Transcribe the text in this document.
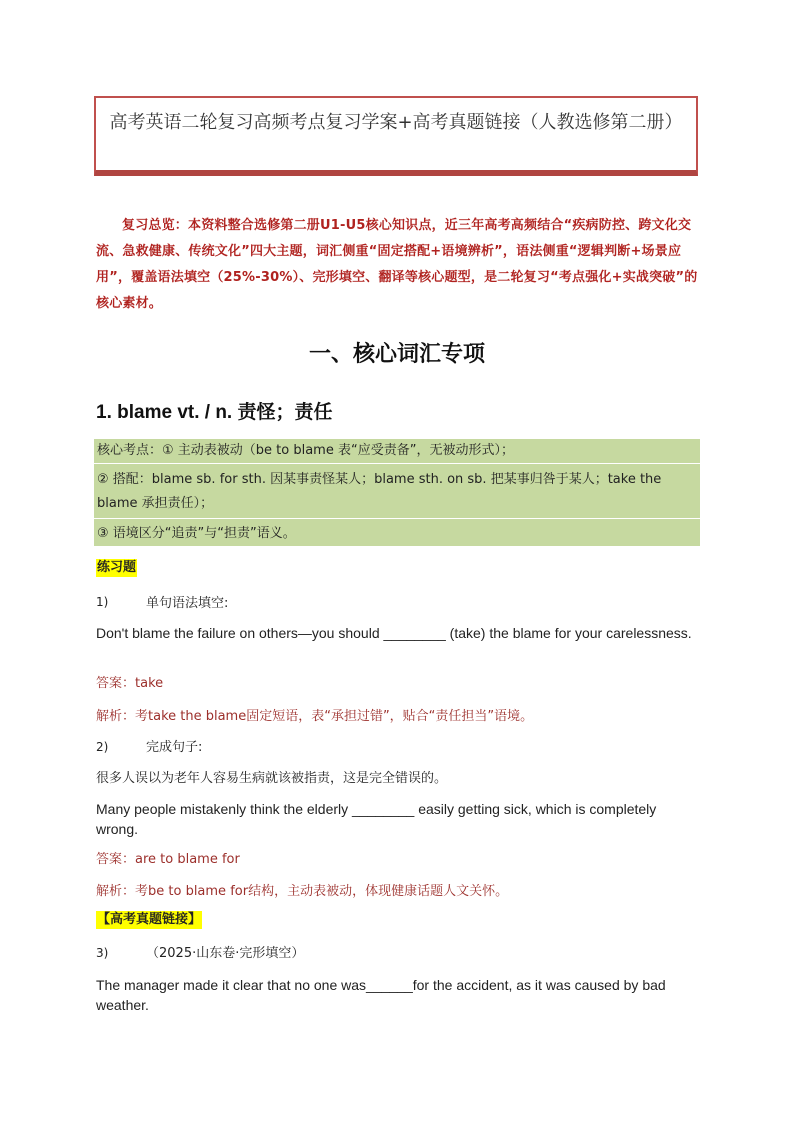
高考英语二轮复习高频考点复习学案+高考真题链接（人教选修第二册）
复习总览：本资料整合选修第二册U1-U5核心知识点，近三年高考高频结合“疾病防控、跨文化交流、急救健康、传统文化”四大主题，词汇侧重“固定搭配+语境辨析”，语法侧重“逻辑判断+场景应用”，覆盖语法填空（25%-30%）、完形填空、翻译等核心题型，是二轮复习“考点强化+实战突破”的核心素材。
一、核心词汇专项
1. blame vt. / n. 责怪；责任
核心考点：① 主动表被动（be to blame 表“应受责备”，无被动形式）；
② 搭配：blame sb. for sth. 因某事责怪某人；blame sth. on sb. 把某事归咎于某人；take the blame 承担责任）；
③ 语境区分“追责”与“担责”语义。
练习题
1)	单句语法填空:
Don't blame the failure on others—you should ________ (take) the blame for your carelessness.
答案：take
解析：考take the blame固定短语，表“承担过错”，贴合“责任担当”语境。
2)	完成句子:
很多人误以为老年人容易生病就该被指责，这是完全错误的。
Many people mistakenly think the elderly ________ easily getting sick, which is completely wrong.
答案：are to blame for
解析：考be to blame for结构，主动表被动，体现健康话题人文关怀。
【高考真题链接】
3)	（2025·山东卷·完形填空）
The manager made it clear that no one was______for the accident, as it was caused by bad weather.
